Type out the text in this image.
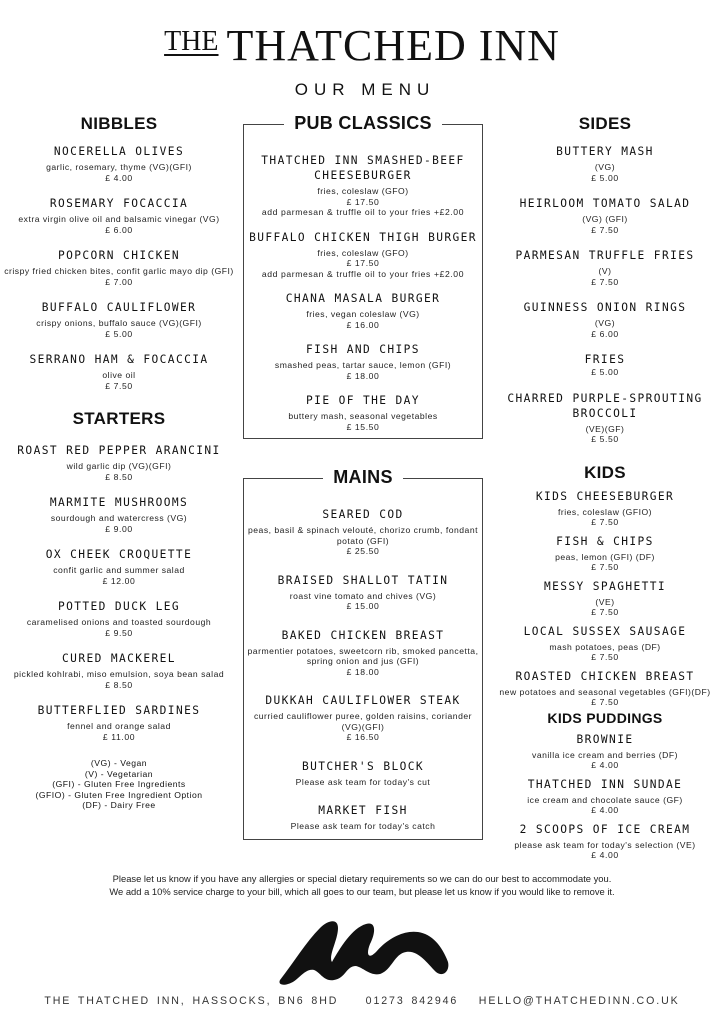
$^{THE}$ THATCHED INN
OUR MENU
NIBBLES
NOCERELLA OLIVES
garlic, rosemary, thyme (VG)(GFI)
£ 4.00
ROSEMARY FOCACCIA
extra virgin olive oil and balsamic vinegar (VG)
£ 6.00
POPCORN CHICKEN
crispy fried chicken bites, confit garlic mayo dip (GFI)
£ 7.00
BUFFALO CAULIFLOWER
crispy onions, buffalo sauce (VG)(GFI)
£ 5.00
SERRANO HAM & FOCACCIA
olive oil
£ 7.50
STARTERS
ROAST RED PEPPER ARANCINI
wild garlic dip (VG)(GFI)
£ 8.50
MARMITE MUSHROOMS
sourdough and watercress (VG)
£ 9.00
OX CHEEK CROQUETTE
confit garlic and summer salad
£ 12.00
POTTED DUCK LEG
caramelised onions and toasted sourdough
£ 9.50
CURED MACKEREL
pickled kohlrabi, miso emulsion, soya bean salad
£ 8.50
BUTTERFLIED SARDINES
fennel and orange salad
£ 11.00
(VG) - Vegan
(V) - Vegetarian
(GFI) - Gluten Free Ingredients
(GFIO) - Gluten Free Ingredient Option
(DF) - Dairy Free
PUB CLASSICS
THATCHED INN SMASHED-BEEF CHEESEBURGER
fries, coleslaw (GFO)
£ 17.50
add parmesan & truffle oil to your fries +£2.00
BUFFALO CHICKEN THIGH BURGER
fries, coleslaw (GFO)
£ 17.50
add parmesan & truffle oil to your fries +£2.00
CHANA MASALA BURGER
fries, vegan coleslaw (VG)
£ 16.00
FISH AND CHIPS
smashed peas, tartar sauce, lemon (GFI)
£ 18.00
PIE OF THE DAY
buttery mash, seasonal vegetables
£ 15.50
MAINS
SEARED COD
peas, basil & spinach velouté, chorizo crumb, fondant potato (GFI)
£ 25.50
BRAISED SHALLOT TATIN
roast vine tomato and chives (VG)
£ 15.00
BAKED CHICKEN BREAST
parmentier potatoes, sweetcorn rib, smoked pancetta, spring onion and jus (GFI)
£ 18.00
DUKKAH CAULIFLOWER STEAK
curried cauliflower puree, golden raisins, coriander (VG)(GFI)
£ 16.50
BUTCHER'S BLOCK
Please ask team for today's cut
MARKET FISH
Please ask team for today's catch
SIDES
BUTTERY MASH
(VG)
£ 5.00
HEIRLOOM TOMATO SALAD
(VG) (GFI)
£ 7.50
PARMESAN TRUFFLE FRIES
(V)
£ 7.50
GUINNESS ONION RINGS
(VG)
£ 6.00
FRIES
£ 5.00
CHARRED PURPLE-SPROUTING BROCCOLI
(VE)(GF)
£ 5.50
KIDS
KIDS CHEESEBURGER
fries, coleslaw (GFIO)
£ 7.50
FISH & CHIPS
peas, lemon (GFI) (DF)
£ 7.50
MESSY SPAGHETTI
(VE)
£ 7.50
LOCAL SUSSEX SAUSAGE
mash potatoes, peas (DF)
£ 7.50
ROASTED CHICKEN BREAST
new potatoes and seasonal vegetables (GFI)(DF)
£ 7.50
KIDS PUDDINGS
BROWNIE
vanilla ice cream and berries (DF)
£ 4.00
THATCHED INN SUNDAE
ice cream and chocolate sauce (GF)
£ 4.00
2 SCOOPS OF ICE CREAM
please ask team for today's selection (VE)
£ 4.00
Please let us know if you have any allergies or special dietary requirements so we can do our best to accommodate you.
We add a 10% service charge to your bill, which all goes to our team, but please let us know if you would like to remove it.
THE THATCHED INN, HASSOCKS, BN6 8HD	01273 842946 HELLO@THATCHEDINN.CO.UK
